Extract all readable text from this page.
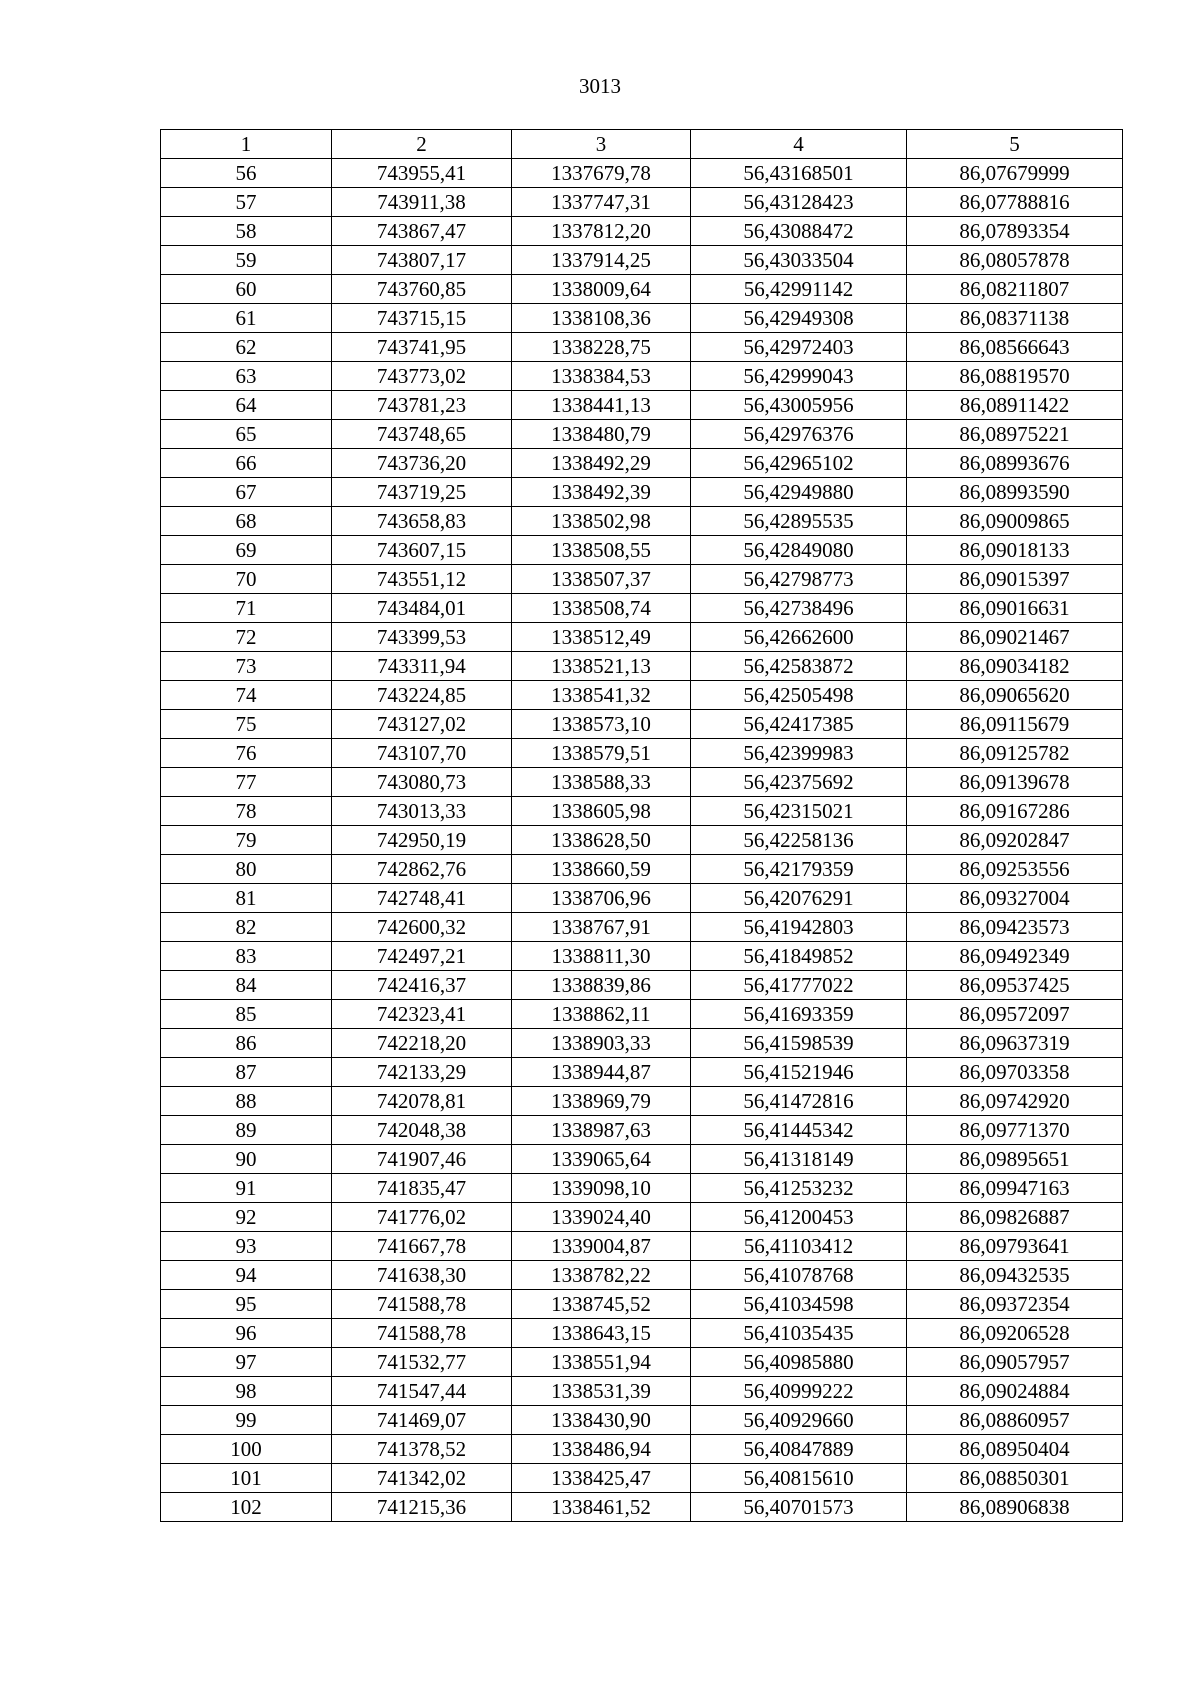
3013
1	2	3	4	5
56	743955,41	1337679,78	56,43168501	86,07679999
57	743911,38	1337747,31	56,43128423	86,07788816
58	743867,47	1337812,20	56,43088472	86,07893354
59	743807,17	1337914,25	56,43033504	86,08057878
60	743760,85	1338009,64	56,42991142	86,08211807
61	743715,15	1338108,36	56,42949308	86,08371138
62	743741,95	1338228,75	56,42972403	86,08566643
63	743773,02	1338384,53	56,42999043	86,08819570
64	743781,23	1338441,13	56,43005956	86,08911422
65	743748,65	1338480,79	56,42976376	86,08975221
66	743736,20	1338492,29	56,42965102	86,08993676
67	743719,25	1338492,39	56,42949880	86,08993590
68	743658,83	1338502,98	56,42895535	86,09009865
69	743607,15	1338508,55	56,42849080	86,09018133
70	743551,12	1338507,37	56,42798773	86,09015397
71	743484,01	1338508,74	56,42738496	86,09016631
72	743399,53	1338512,49	56,42662600	86,09021467
73	743311,94	1338521,13	56,42583872	86,09034182
74	743224,85	1338541,32	56,42505498	86,09065620
75	743127,02	1338573,10	56,42417385	86,09115679
76	743107,70	1338579,51	56,42399983	86,09125782
77	743080,73	1338588,33	56,42375692	86,09139678
78	743013,33	1338605,98	56,42315021	86,09167286
79	742950,19	1338628,50	56,42258136	86,09202847
80	742862,76	1338660,59	56,42179359	86,09253556
81	742748,41	1338706,96	56,42076291	86,09327004
82	742600,32	1338767,91	56,41942803	86,09423573
83	742497,21	1338811,30	56,41849852	86,09492349
84	742416,37	1338839,86	56,41777022	86,09537425
85	742323,41	1338862,11	56,41693359	86,09572097
86	742218,20	1338903,33	56,41598539	86,09637319
87	742133,29	1338944,87	56,41521946	86,09703358
88	742078,81	1338969,79	56,41472816	86,09742920
89	742048,38	1338987,63	56,41445342	86,09771370
90	741907,46	1339065,64	56,41318149	86,09895651
91	741835,47	1339098,10	56,41253232	86,09947163
92	741776,02	1339024,40	56,41200453	86,09826887
93	741667,78	1339004,87	56,41103412	86,09793641
94	741638,30	1338782,22	56,41078768	86,09432535
95	741588,78	1338745,52	56,41034598	86,09372354
96	741588,78	1338643,15	56,41035435	86,09206528
97	741532,77	1338551,94	56,40985880	86,09057957
98	741547,44	1338531,39	56,40999222	86,09024884
99	741469,07	1338430,90	56,40929660	86,08860957
100	741378,52	1338486,94	56,40847889	86,08950404
101	741342,02	1338425,47	56,40815610	86,08850301
102	741215,36	1338461,52	56,40701573	86,08906838
